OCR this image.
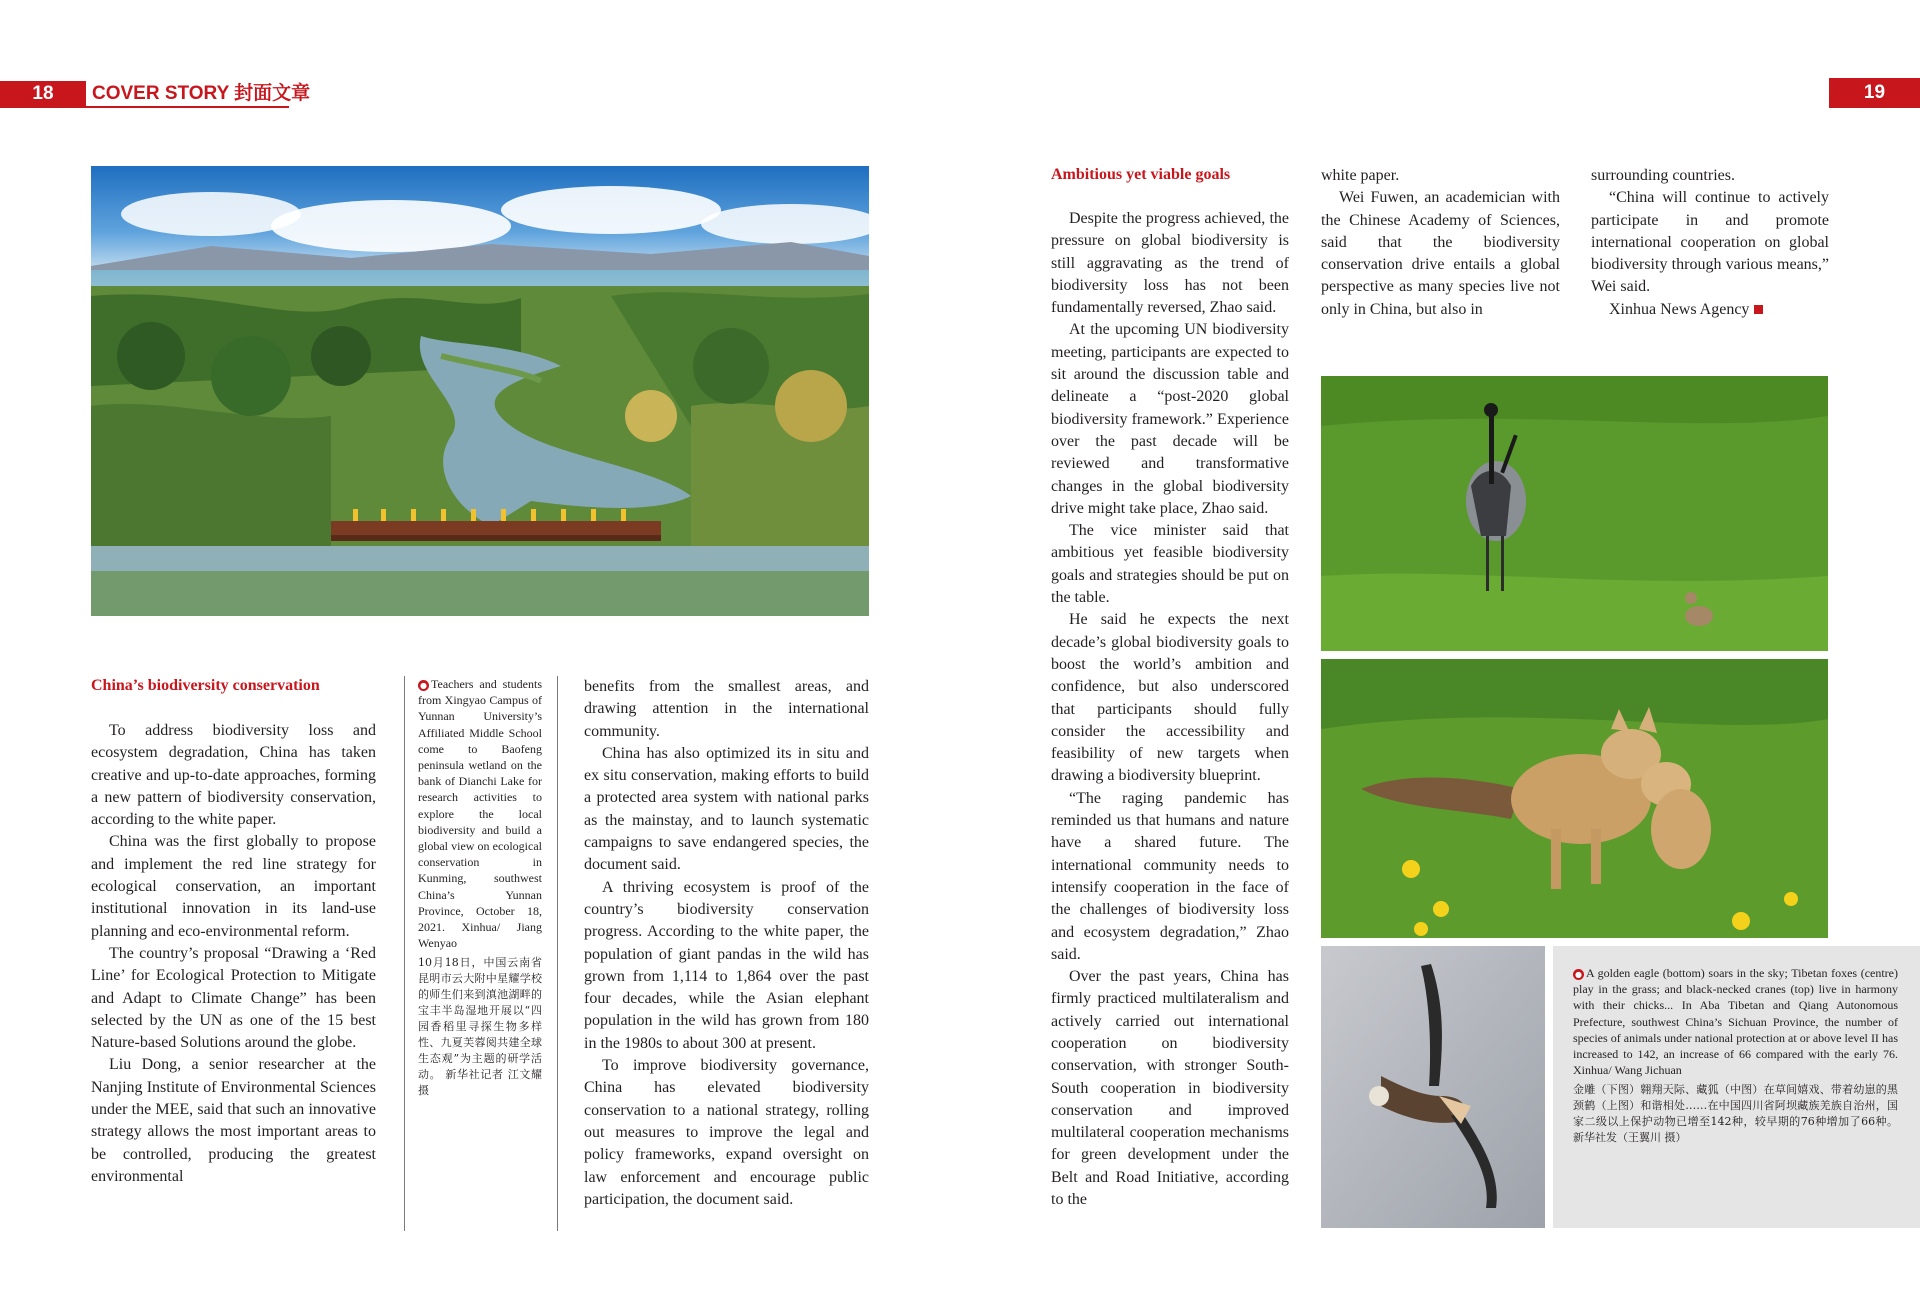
18	COVER STORY 封面文章	19
China’s biodiversity conservation

To address biodiversity loss and ecosystem degradation, China has taken creative and up-to-date approaches, forming a new pattern of biodiversity conservation, according to the white paper.

China was the first globally to propose and implement the red line strategy for ecological conservation, an important institutional innovation in its land-use planning and eco-environmental reform.

The country’s proposal “Drawing a ‘Red Line’ for Ecological Protection to Mitigate and Adapt to Climate Change” has been selected by the UN as one of the 15 best Nature-based Solutions around the globe.

Liu Dong, a senior researcher at the Nanjing Institute of Environmental Sciences under the MEE, said that such an innovative strategy allows the most important areas to be controlled, producing the greatest environmental

● Teachers and students from Xingyao Campus of Yunnan University’s Affiliated Middle School come to Baofeng peninsula wetland on the bank of Dianchi Lake for research activities to explore the local biodiversity and build a global view on ecological conservation in Kunming, southwest China’s Yunnan Province, October 18, 2021. Xinhua/ Jiang Wenyao
10月18日，中国云南省昆明市云大附中星耀学校的师生们来到滇池湖畔的宝丰半岛湿地开展以“四园香稻里寻探生物多样性、九夏芙蓉阅共建全球生态观”为主题的研学活动。 新华社记者 江文耀 摄

benefits from the smallest areas, and drawing attention in the international community.

China has also optimized its in situ and ex situ conservation, making efforts to build a protected area system with national parks as the mainstay, and to launch systematic campaigns to save endangered species, the document said.

A thriving ecosystem is proof of the country’s biodiversity conservation progress. According to the white paper, the population of giant pandas in the wild has grown from 1,114 to 1,864 over the past four decades, while the Asian elephant population in the wild has grown from 180 in the 1980s to about 300 at present.

To improve biodiversity governance, China has elevated biodiversity conservation to a national strategy, rolling out measures to improve the legal and policy frameworks, expand oversight on law enforcement and encourage public participation, the document said.

Ambitious yet viable goals

Despite the progress achieved, the pressure on global biodiversity is still aggravating as the trend of biodiversity loss has not been fundamentally reversed, Zhao said.

At the upcoming UN biodiversity meeting, participants are expected to sit around the discussion table and delineate a “post-2020 global biodiversity framework.” Experience over the past decade will be reviewed and transformative changes in the global biodiversity drive might take place, Zhao said.

The vice minister said that ambitious yet feasible biodiversity goals and strategies should be put on the table.

He said he expects the next decade’s global biodiversity goals to boost the world’s ambition and confidence, but also underscored that participants should fully consider the accessibility and feasibility of new targets when drawing a biodiversity blueprint.

“The raging pandemic has reminded us that humans and nature have a shared future. The international community needs to intensify cooperation in the face of the challenges of biodiversity loss and ecosystem degradation,” Zhao said.

Over the past years, China has firmly practiced multilateralism and actively carried out international cooperation on biodiversity conservation, with stronger South-South cooperation in biodiversity conservation and improved multilateral cooperation mechanisms for green development under the Belt and Road Initiative, according to the

white paper.

Wei Fuwen, an academician with the Chinese Academy of Sciences, said that the biodiversity conservation drive entails a global perspective as many species live not only in China, but also in

surrounding countries.

“China will continue to actively participate in and promote international cooperation on global biodiversity through various means,” Wei said.

Xinhua News Agency

● A golden eagle (bottom) soars in the sky; Tibetan foxes (centre) play in the grass; and black-necked cranes (top) live in harmony with their chicks... In Aba Tibetan and Qiang Autonomous Prefecture, southwest China’s Sichuan Province, the number of species of animals under national protection at or above level II has increased to 142, an increase of 66 compared with the early 76. Xinhua/ Wang Jichuan
金雕（下图）翱翔天际、藏狐（中图）在草间嬉戏、带着幼崽的黑颈鹤（上图）和谐相处……在中国四川省阿坝藏族羌族自治州，国家二级以上保护动物已增至142种，较早期的76种增加了66种。 新华社发（王翼川 摄）
